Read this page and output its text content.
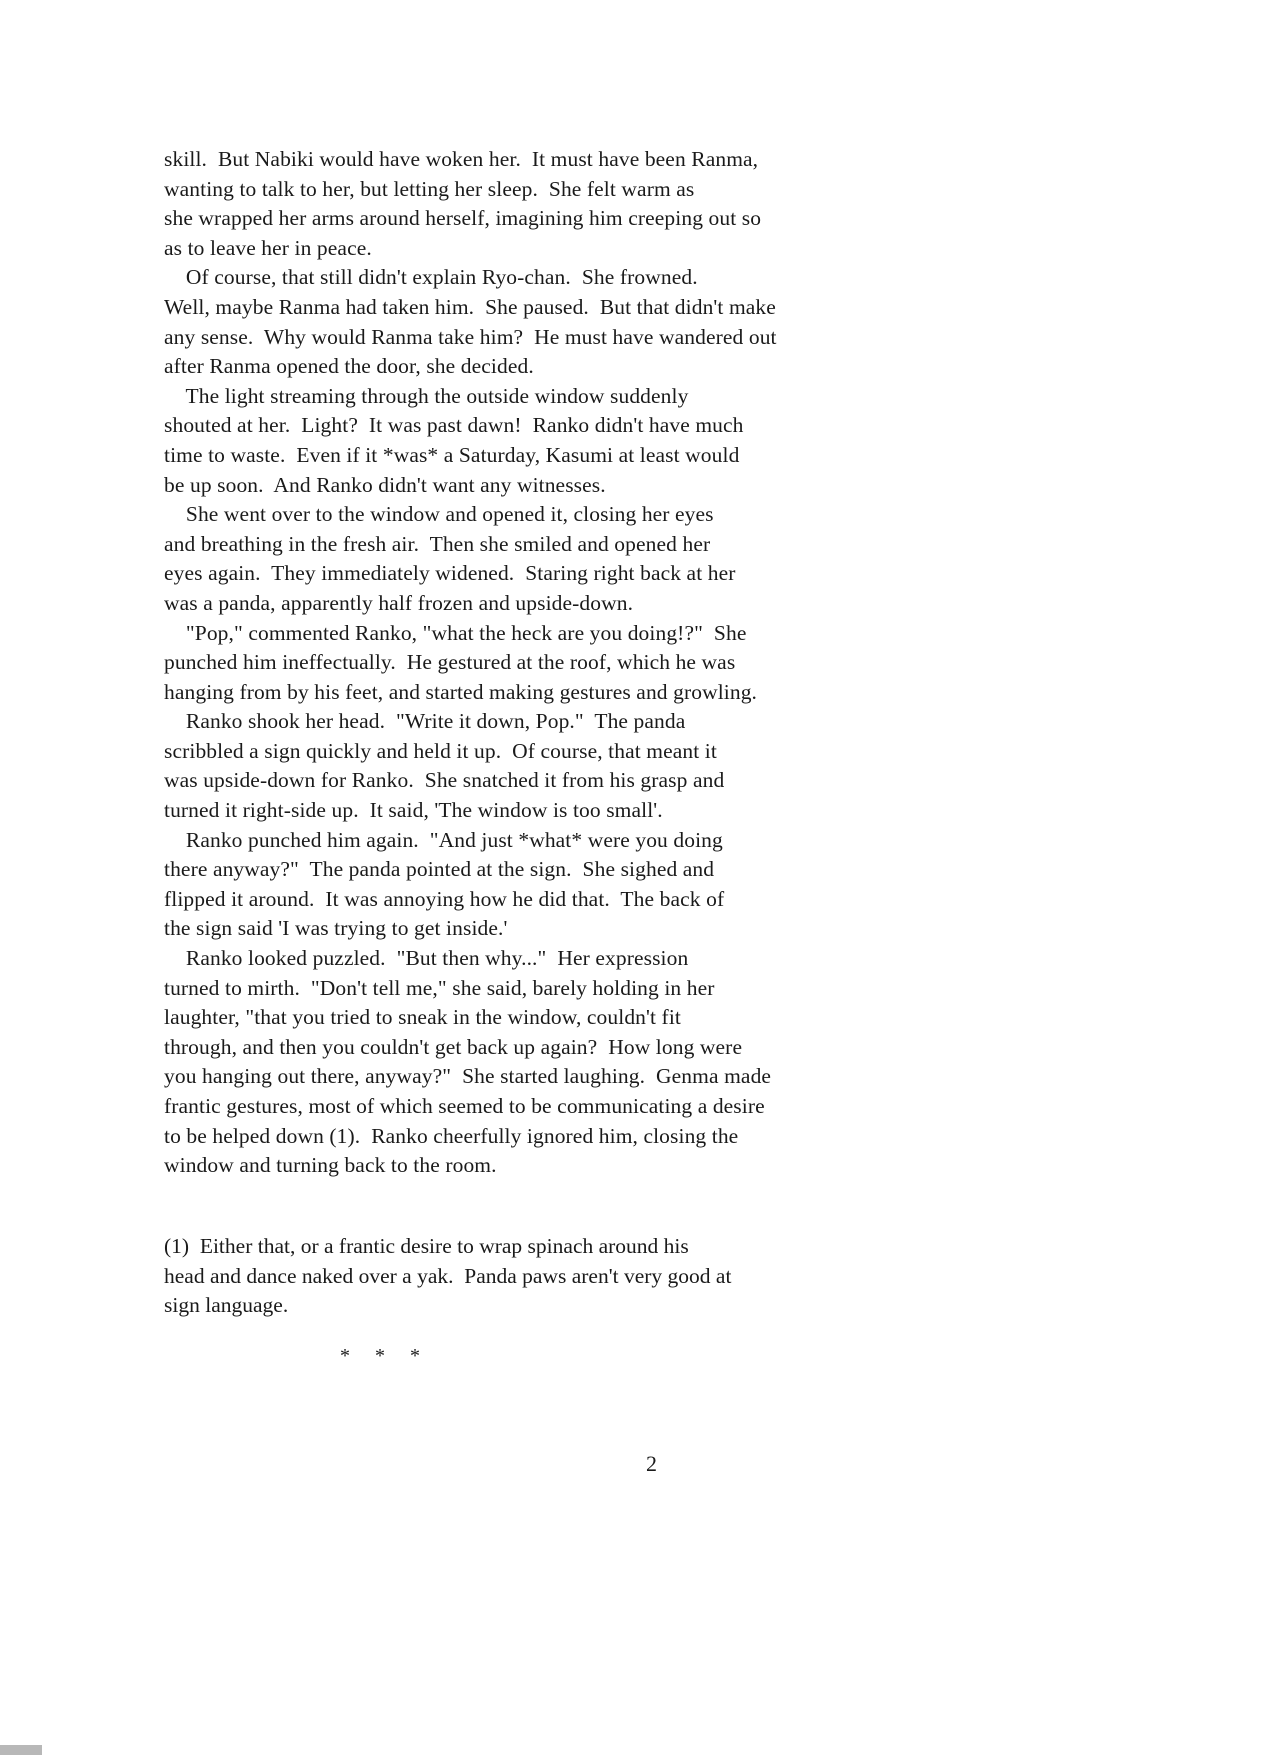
skill.  But Nabiki would have woken her.  It must have been Ranma,
wanting to talk to her, but letting her sleep.  She felt warm as
she wrapped her arms around herself, imagining him creeping out so
as to leave her in peace.
Of course, that still didn't explain Ryo-chan.  She frowned.
Well, maybe Ranma had taken him.  She paused.  But that didn't make
any sense.  Why would Ranma take him?  He must have wandered out
after Ranma opened the door, she decided.
The light streaming through the outside window suddenly
shouted at her.  Light?  It was past dawn!  Ranko didn't have much
time to waste.  Even if it *was* a Saturday, Kasumi at least would
be up soon.  And Ranko didn't want any witnesses.
She went over to the window and opened it, closing her eyes
and breathing in the fresh air.  Then she smiled and opened her
eyes again.  They immediately widened.  Staring right back at her
was a panda, apparently half frozen and upside-down.
"Pop," commented Ranko, "what the heck are you doing!?"  She
punched him ineffectually.  He gestured at the roof, which he was
hanging from by his feet, and started making gestures and growling.
Ranko shook her head.  "Write it down, Pop."  The panda
scribbled a sign quickly and held it up.  Of course, that meant it
was upside-down for Ranko.  She snatched it from his grasp and
turned it right-side up.  It said, 'The window is too small'.
Ranko punched him again.  "And just *what* were you doing
there anyway?"  The panda pointed at the sign.  She sighed and
flipped it around.  It was annoying how he did that.  The back of
the sign said 'I was trying to get inside.'
Ranko looked puzzled.  "But then why..."  Her expression
turned to mirth.  "Don't tell me," she said, barely holding in her
laughter, "that you tried to sneak in the window, couldn't fit
through, and then you couldn't get back up again?  How long were
you hanging out there, anyway?"  She started laughing.  Genma made
frantic gestures, most of which seemed to be communicating a desire
to be helped down (1).  Ranko cheerfully ignored him, closing the
window and turning back to the room.
(1)  Either that, or a frantic desire to wrap spinach around his
head and dance naked over a yak.  Panda paws aren't very good at
sign language.
* * *
2
